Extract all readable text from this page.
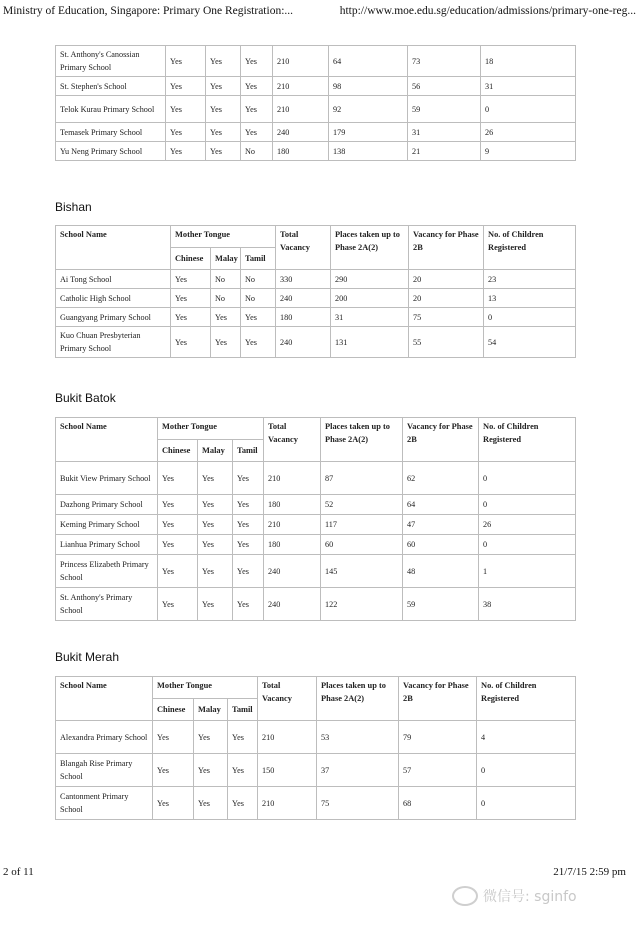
Ministry of Education, Singapore: Primary One Registration:...	http://www.moe.edu.sg/education/admissions/primary-one-reg...
Bishan
Bukit Batok
Bukit Merah
St. Anthony's Canossian Primary School	Yes	Yes	Yes	210	64	73	18
St. Stephen's School	Yes	Yes	Yes	210	98	56	31
Telok Kurau Primary School	Yes	Yes	Yes	210	92	59	0
Temasek Primary School	Yes	Yes	Yes	240	179	31	26
Yu Neng Primary School	Yes	Yes	No	180	138	21	9
School Name	Mother Tongue			Total Vacancy	Places taken up to Phase 2A(2)	Vacancy for Phase 2B	No. of Children Registered
	Chinese	Malay	Tamil				
Ai Tong School	Yes	No	No	330	290	20	23
Catholic High School	Yes	No	No	240	200	20	13
Guangyang Primary School	Yes	Yes	Yes	180	31	75	0
Kuo Chuan Presbyterian Primary School	Yes	Yes	Yes	240	131	55	54
School Name	Mother Tongue			Total Vacancy	Places taken up to Phase 2A(2)	Vacancy for Phase 2B	No. of Children Registered
	Chinese	Malay	Tamil				
Bukit View Primary School	Yes	Yes	Yes	210	87	62	0
Dazhong Primary School	Yes	Yes	Yes	180	52	64	0
Keming Primary School	Yes	Yes	Yes	210	117	47	26
Lianhua Primary School	Yes	Yes	Yes	180	60	60	0
Princess Elizabeth Primary School	Yes	Yes	Yes	240	145	48	1
St. Anthony's Primary School	Yes	Yes	Yes	240	122	59	38
School Name	Mother Tongue			Total Vacancy	Places taken up to Phase 2A(2)	Vacancy for Phase 2B	No. of Children Registered
	Chinese	Malay	Tamil				
Alexandra Primary School	Yes	Yes	Yes	210	53	79	4
Blangah Rise Primary School	Yes	Yes	Yes	150	37	57	0
Cantonment Primary School	Yes	Yes	Yes	210	75	68	0
2 of 11	21/7/15 2:59 pm
微信号: sginfo
